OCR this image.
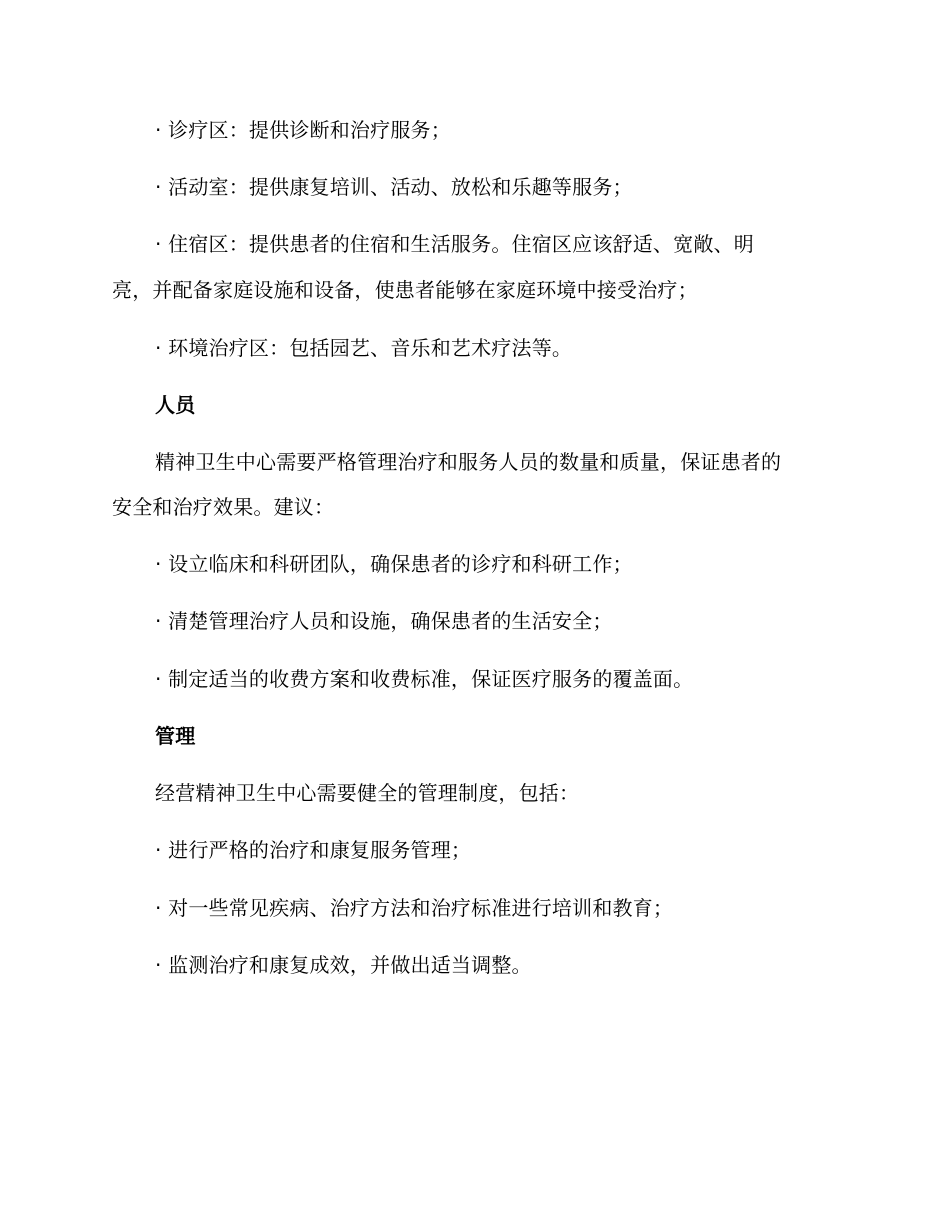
· 诊疗区：提供诊断和治疗服务；
· 活动室：提供康复培训、活动、放松和乐趣等服务；
· 住宿区：提供患者的住宿和生活服务。住宿区应该舒适、宽敞、明
亮，并配备家庭设施和设备，使患者能够在家庭环境中接受治疗；
· 环境治疗区：包括园艺、音乐和艺术疗法等。
人员
精神卫生中心需要严格管理治疗和服务人员的数量和质量，保证患者的
安全和治疗效果。建议：
· 设立临床和科研团队，确保患者的诊疗和科研工作；
· 清楚管理治疗人员和设施，确保患者的生活安全；
· 制定适当的收费方案和收费标准，保证医疗服务的覆盖面。
管理
经营精神卫生中心需要健全的管理制度，包括：
· 进行严格的治疗和康复服务管理；
· 对一些常见疾病、治疗方法和治疗标准进行培训和教育；
· 监测治疗和康复成效，并做出适当调整。
